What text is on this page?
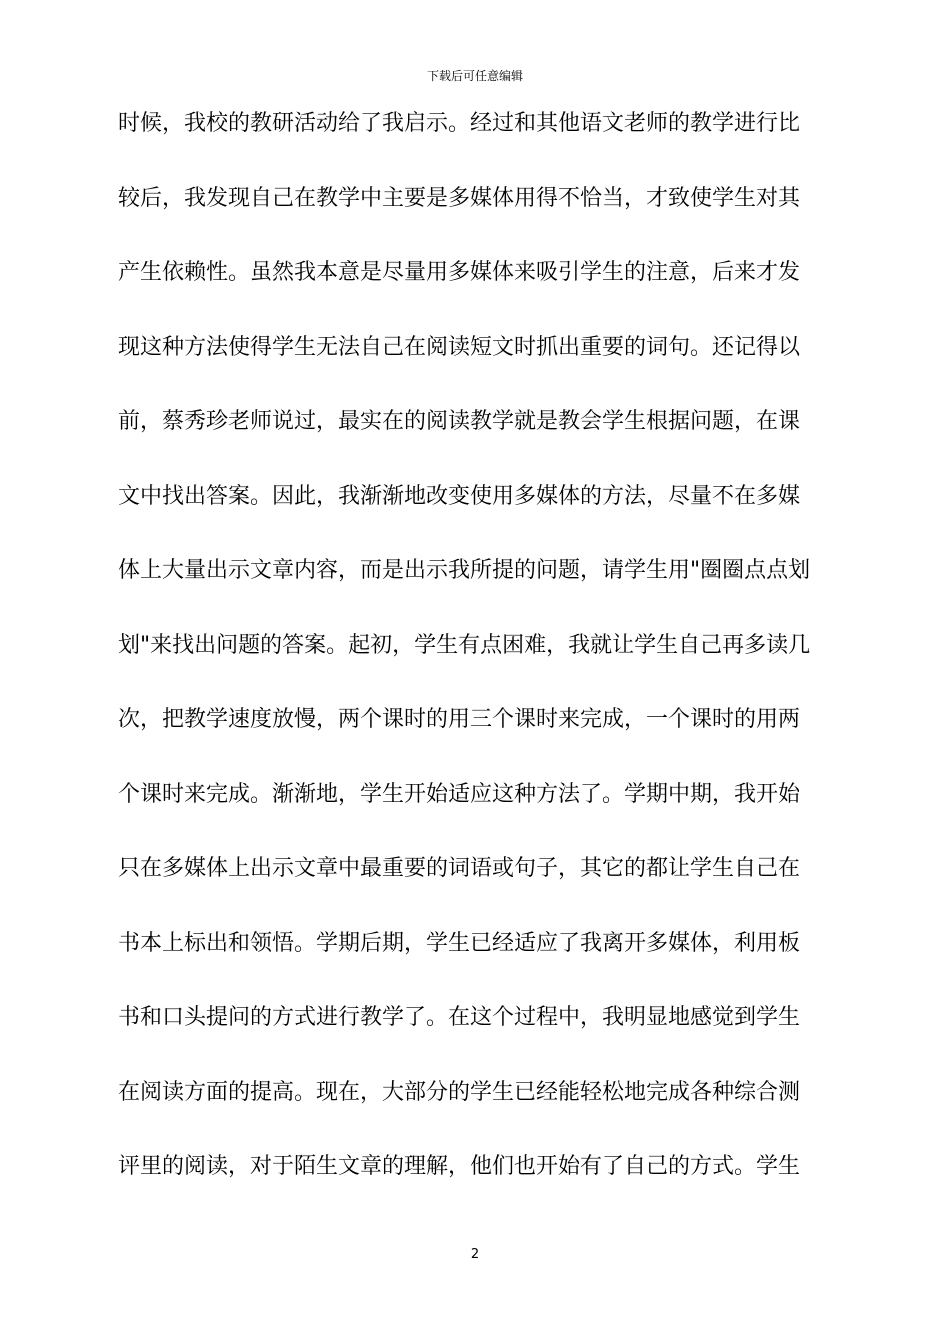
下载后可任意编辑
时候，我校的教研活动给了我启示。经过和其他语文老师的教学进行比
较后，我发现自己在教学中主要是多媒体用得不恰当，才致使学生对其
产生依赖性。虽然我本意是尽量用多媒体来吸引学生的注意，后来才发
现这种方法使得学生无法自己在阅读短文时抓出重要的词句。还记得以
前，蔡秀珍老师说过，最实在的阅读教学就是教会学生根据问题，在课
文中找出答案。因此，我渐渐地改变使用多媒体的方法，尽量不在多媒
体上大量出示文章内容，而是出示我所提的问题，请学生用"圈圈点点划
划"来找出问题的答案。起初，学生有点困难，我就让学生自己再多读几
次，把教学速度放慢，两个课时的用三个课时来完成，一个课时的用两
个课时来完成。渐渐地，学生开始适应这种方法了。学期中期，我开始
只在多媒体上出示文章中最重要的词语或句子，其它的都让学生自己在
书本上标出和领悟。学期后期，学生已经适应了我离开多媒体，利用板
书和口头提问的方式进行教学了。在这个过程中，我明显地感觉到学生
在阅读方面的提高。现在，大部分的学生已经能轻松地完成各种综合测
评里的阅读，对于陌生文章的理解，他们也开始有了自己的方式。学生
2
